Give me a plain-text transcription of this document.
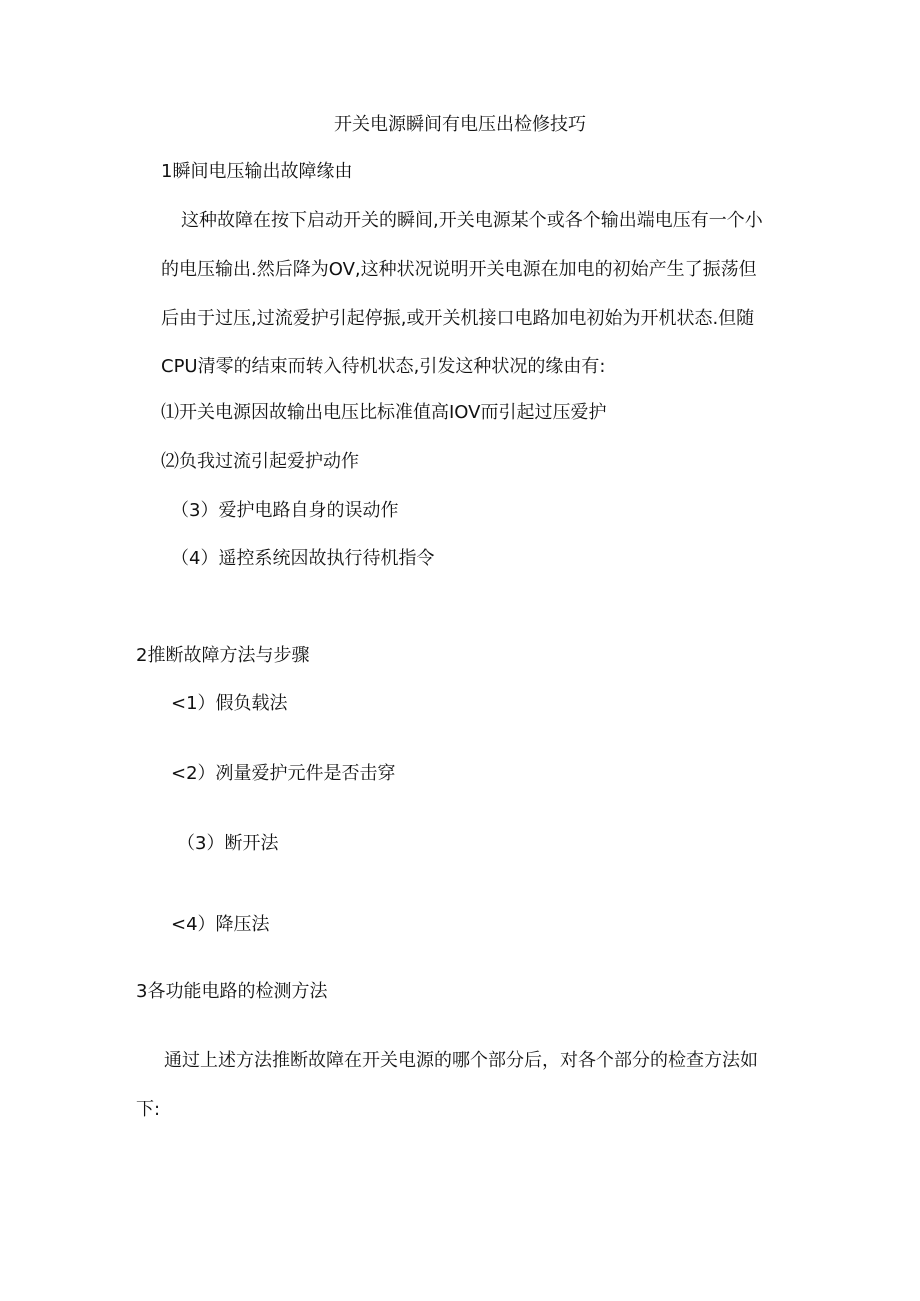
开关电源瞬间有电压出检修技巧
1瞬间电压输出故障缘由
这种故障在按下启动开关的瞬间,开关电源某个或各个输出端电压有一个小
的电压输出.然后降为OV,这种状况说明开关电源在加电的初始产生了振荡但
后由于过压,过流爱护引起停振,或开关机接口电路加电初始为开机状态.但随
CPU清零的结束而转入待机状态,引发这种状况的缘由有:
⑴开关电源因故输出电压比标准值高IOV而引起过压爱护
⑵负我过流引起爱护动作
（3）爱护电路自身的误动作
（4）遥控系统因故执行待机指令
2推断故障方法与步骤
<1）假负载法
<2）冽量爱护元件是否击穿
（3）断开法
<4）降压法
3各功能电路的检测方法
通过上述方法推断故障在开关电源的哪个部分后，对各个部分的检查方法如
下:
